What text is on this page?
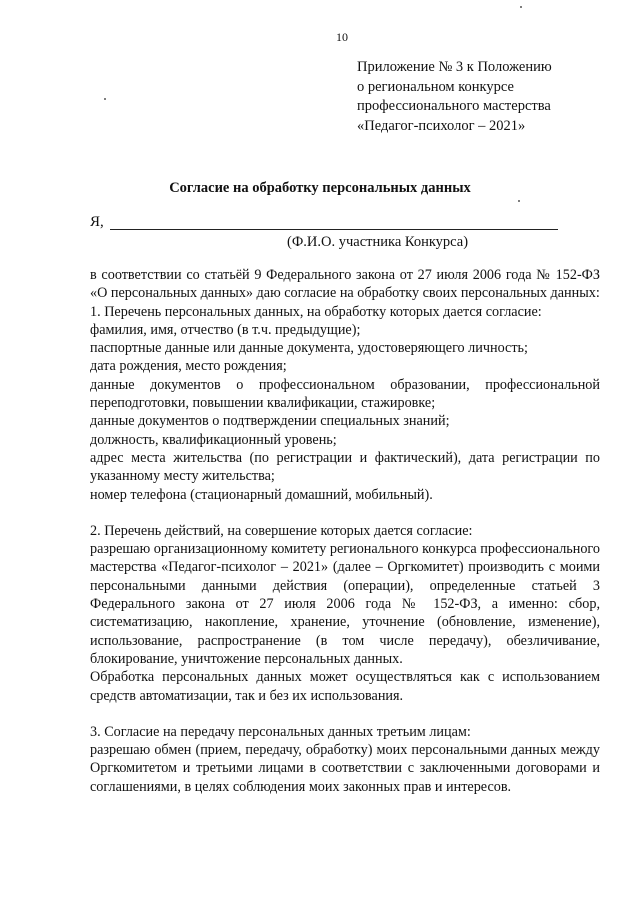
10
Приложение № 3 к Положению
о региональном конкурсе
профессионального мастерства
«Педагог-психолог – 2021»
Согласие на обработку персональных данных
Я,
(Ф.И.О. участника Конкурса)
в соответствии со статьёй 9 Федерального закона от 27 июля 2006 года № 152-ФЗ «О персональных данных» даю согласие на обработку своих персональных данных:
1. Перечень персональных данных, на обработку которых дается согласие:
фамилия, имя, отчество (в т.ч. предыдущие);
паспортные данные или данные документа, удостоверяющего личность;
дата рождения, место рождения;
данные документов о профессиональном образовании, профессиональной переподготовки, повышении квалификации, стажировке;
данные документов о подтверждении специальных знаний;
должность, квалификационный уровень;
адрес места жительства (по регистрации и фактический), дата регистрации по указанному месту жительства;
номер телефона (стационарный домашний, мобильный).
2. Перечень действий, на совершение которых дается согласие:
разрешаю организационному комитету регионального конкурса профессионального мастерства «Педагог-психолог – 2021» (далее – Оргкомитет) производить с моими персональными данными действия (операции), определенные статьей 3 Федерального закона от 27 июля 2006 года № 152-ФЗ, а именно: сбор, систематизацию, накопление, хранение, уточнение (обновление, изменение), использование, распространение (в том числе передачу), обезличивание, блокирование, уничтожение персональных данных.
Обработка персональных данных может осуществляться как с использованием средств автоматизации, так и без их использования.
3. Согласие на передачу персональных данных третьим лицам:
разрешаю обмен (прием, передачу, обработку) моих персональными данных между Оргкомитетом и третьими лицами в соответствии с заключенными договорами и соглашениями, в целях соблюдения моих законных прав и интересов.
